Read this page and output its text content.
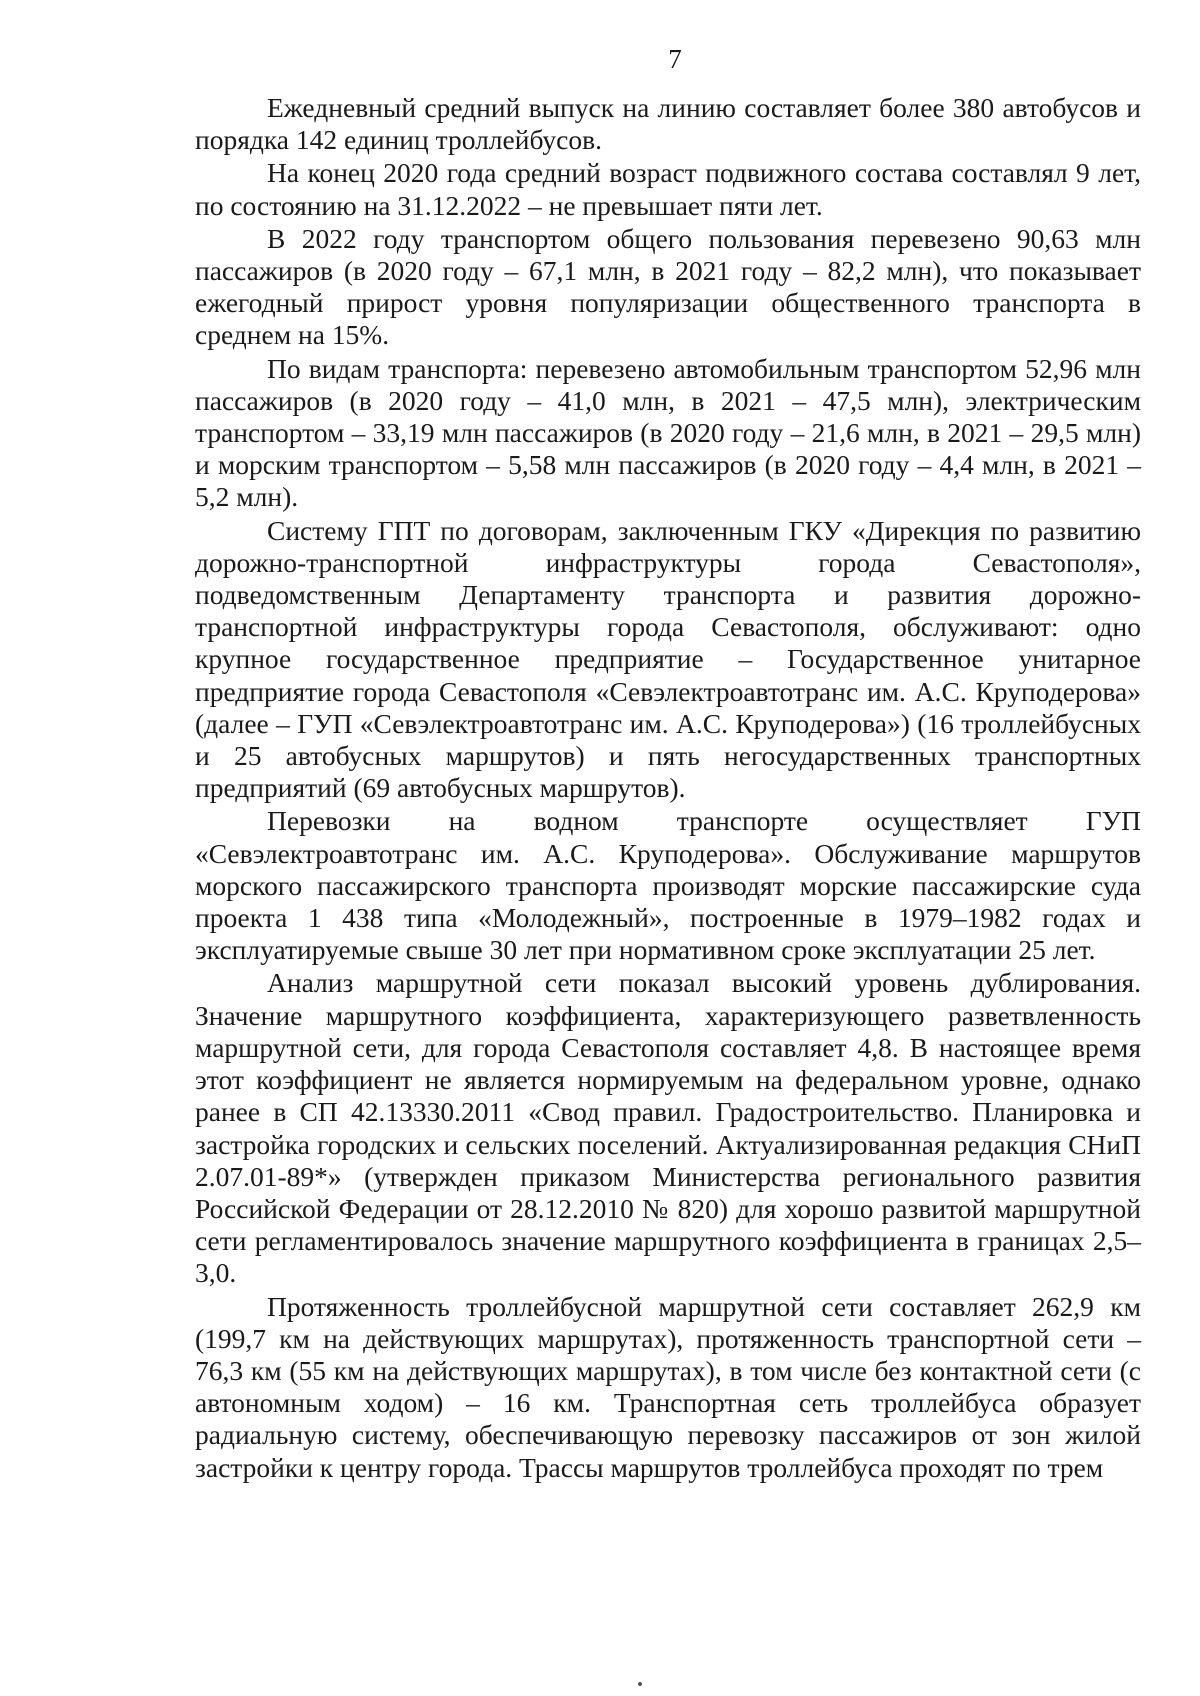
7

Ежедневный средний выпуск на линию составляет более 380 автобусов и порядка 142 единиц троллейбусов.

На конец 2020 года средний возраст подвижного состава составлял 9 лет, по состоянию на 31.12.2022 – не превышает пяти лет.

В 2022 году транспортом общего пользования перевезено 90,63 млн пассажиров (в 2020 году – 67,1 млн, в 2021 году – 82,2 млн), что показывает ежегодный прирост уровня популяризации общественного транспорта в среднем на 15%.

По видам транспорта: перевезено автомобильным транспортом 52,96 млн пассажиров (в 2020 году – 41,0 млн, в 2021 – 47,5 млн), электрическим транспортом – 33,19 млн пассажиров (в 2020 году – 21,6 млн, в 2021 – 29,5 млн) и морским транспортом – 5,58 млн пассажиров (в 2020 году – 4,4 млн, в 2021 – 5,2 млн).

Систему ГПТ по договорам, заключенным ГКУ «Дирекция по развитию дорожно-транспортной инфраструктуры города Севастополя», подведомственным Департаменту транспорта и развития дорожно-транспортной инфраструктуры города Севастополя, обслуживают: одно крупное государственное предприятие – Государственное унитарное предприятие города Севастополя «Севэлектроавтотранс им. А.С. Круподерова» (далее – ГУП «Севэлектроавтотранс им. А.С. Круподерова») (16 троллейбусных и 25 автобусных маршрутов) и пять негосударственных транспортных предприятий (69 автобусных маршрутов).

Перевозки на водном транспорте осуществляет ГУП «Севэлектроавтотранс им. А.С. Круподерова». Обслуживание маршрутов морского пассажирского транспорта производят морские пассажирские суда проекта 1 438 типа «Молодежный», построенные в 1979–1982 годах и эксплуатируемые свыше 30 лет при нормативном сроке эксплуатации 25 лет.

Анализ маршрутной сети показал высокий уровень дублирования. Значение маршрутного коэффициента, характеризующего разветвленность маршрутной сети, для города Севастополя составляет 4,8. В настоящее время этот коэффициент не является нормируемым на федеральном уровне, однако ранее в СП 42.13330.2011 «Свод правил. Градостроительство. Планировка и застройка городских и сельских поселений. Актуализированная редакция СНиП 2.07.01-89*» (утвержден приказом Министерства регионального развития Российской Федерации от 28.12.2010 № 820) для хорошо развитой маршрутной сети регламентировалось значение маршрутного коэффициента в границах 2,5–3,0.

Протяженность троллейбусной маршрутной сети составляет 262,9 км (199,7 км на действующих маршрутах), протяженность транспортной сети – 76,3 км (55 км на действующих маршрутах), в том числе без контактной сети (с автономным ходом) – 16 км. Транспортная сеть троллейбуса образует радиальную систему, обеспечивающую перевозку пассажиров от зон жилой застройки к центру города. Трассы маршрутов троллейбуса проходят по трем
